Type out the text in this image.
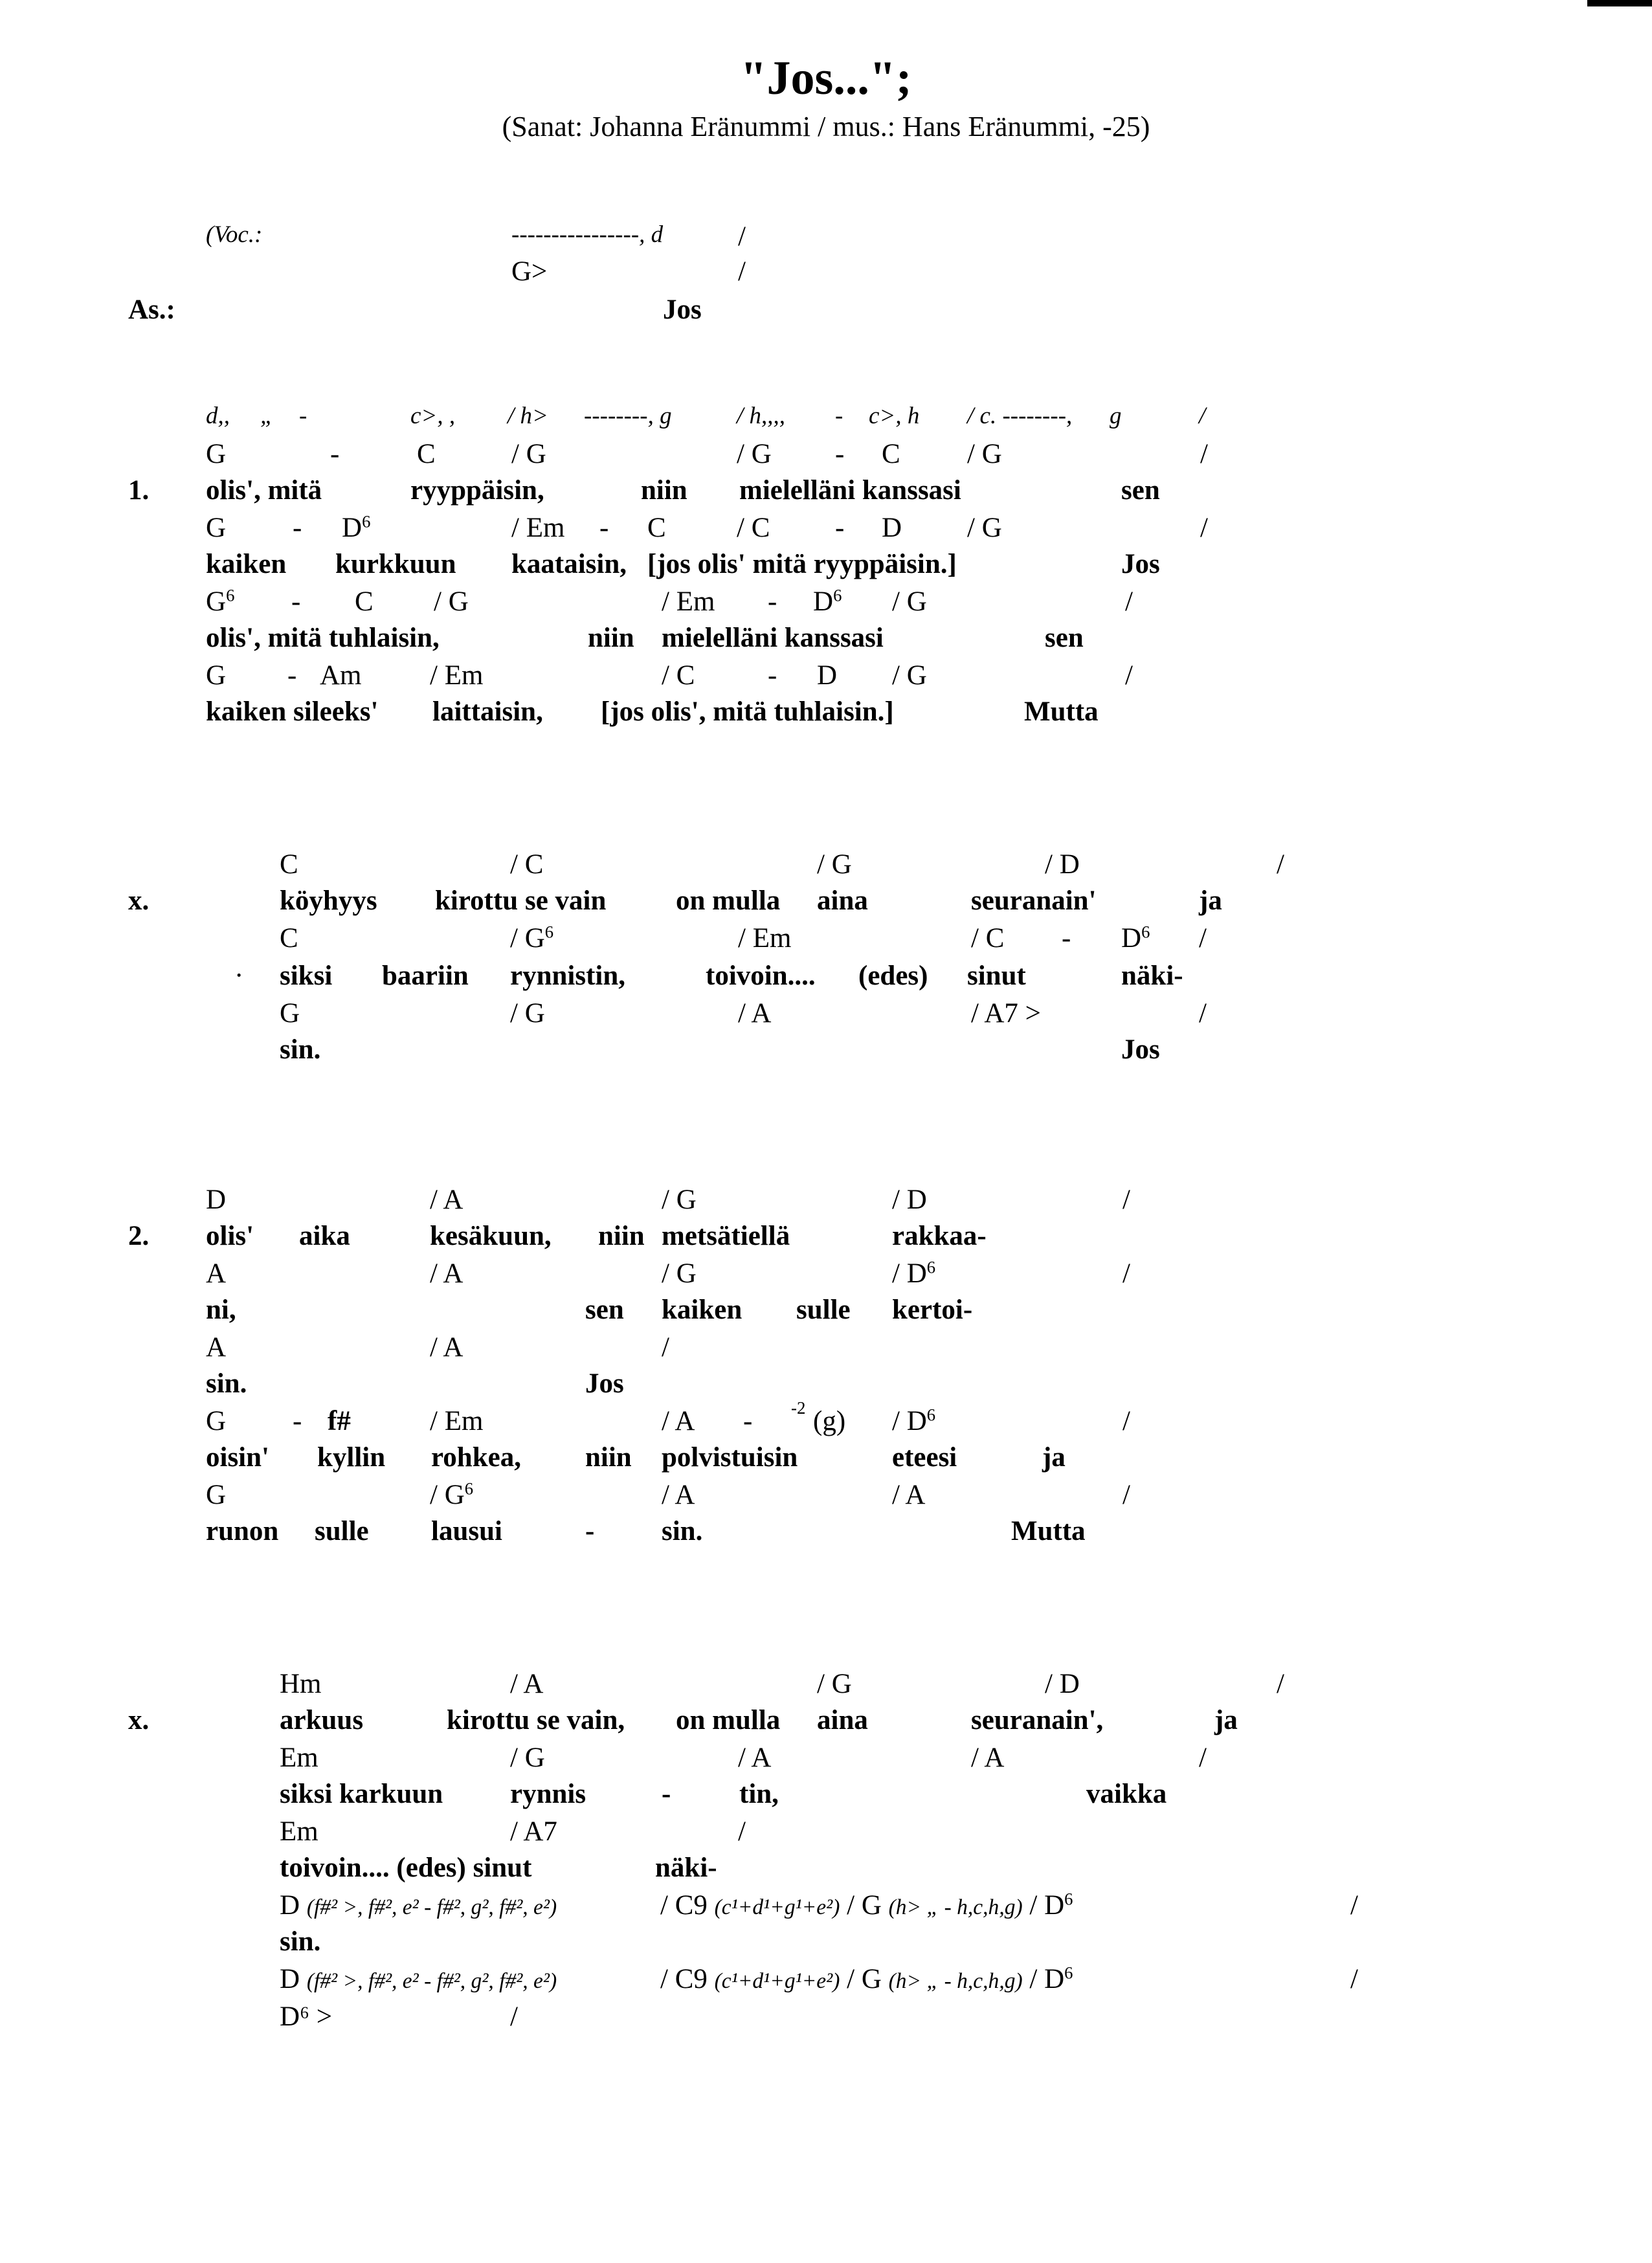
"Jos...";
(Sanat: Johanna Eränummi / mus.: Hans Eränummi, -25)
(Voc.:	----------------, d	/
G>	/
As.:	Jos
d,, „ -	c>, , / h> --------, g	/ h,,,, - c>, h / c. --------, g	/
G	-	C	/ G	/ G - C / G	/
1. olis', mitä	ryyppäisin,	niin mielelläni kanssasi	sen
G - $D^6$	/ Em - C	/ C - D / G	/
kaiken kurkkuun kaataisin, [jos olis' mitä ryyppäisin.]	Jos
$G^6$ - C / G	/ Em - $D^6$ / G	/
olis', mitä tuhlaisin,	niin mielelläni kanssasi	sen
G - Am / Em	/ C	- D / G	/
kaiken sileeks' laittaisin, [jos olis', mitä tuhlaisin.]	Mutta
C	/ C	/ G	/ D	/
x.	köyhyys kirottu se vain	on mulla aina	seuranain'	ja
C	/ $G^6$	/ Em	/ C - $D^6$ /
· siksi baariin rynnistin,	toivoin.... (edes) sinut	näki-
G	/ G	/ A	/ A7 >	/
sin.	Jos
D	/ A	/ G	/ D	/
2. olis' aika	kesäkuun, niin metsätiellä	rakkaa-
A	/ A	/ G	/ $D^6$	/
ni,	sen kaiken sulle kertoi-
A	/ A	/
sin.	Jos
G - f#	/ Em	/ A - -2 $(g) / D^6$	/
oisin' kyllin rohkea, niin polvistuisin	eteesi	ja
G	/ $G^6$	/ A	/ A	/
runon sulle lausui	- sin.	Mutta
Hm	/ A	/ G	/ D	/
x.	arkuus	kirottu se vain, on mulla aina	seuranain',	ja
Em	/ G	/ A	/ A	/
siksi karkuun rynnis	- tin,	vaikka
Em	/ A7	/
toivoin.... (edes) sinut	näki-
D (f#² >, f#², e² - f#², g², f#², e²)	/ C9 (c¹+d¹+g¹+e²) / G (h> „ - $h,c,h,g) / D^6$	/
sin.
D (f#² >, f#², e² - f#², g², f#², e²)	/ C9 (c¹+d¹+g¹+e²) / G (h> „ - $h,c,h,g) / D^6$	/
D⁶ >	/
